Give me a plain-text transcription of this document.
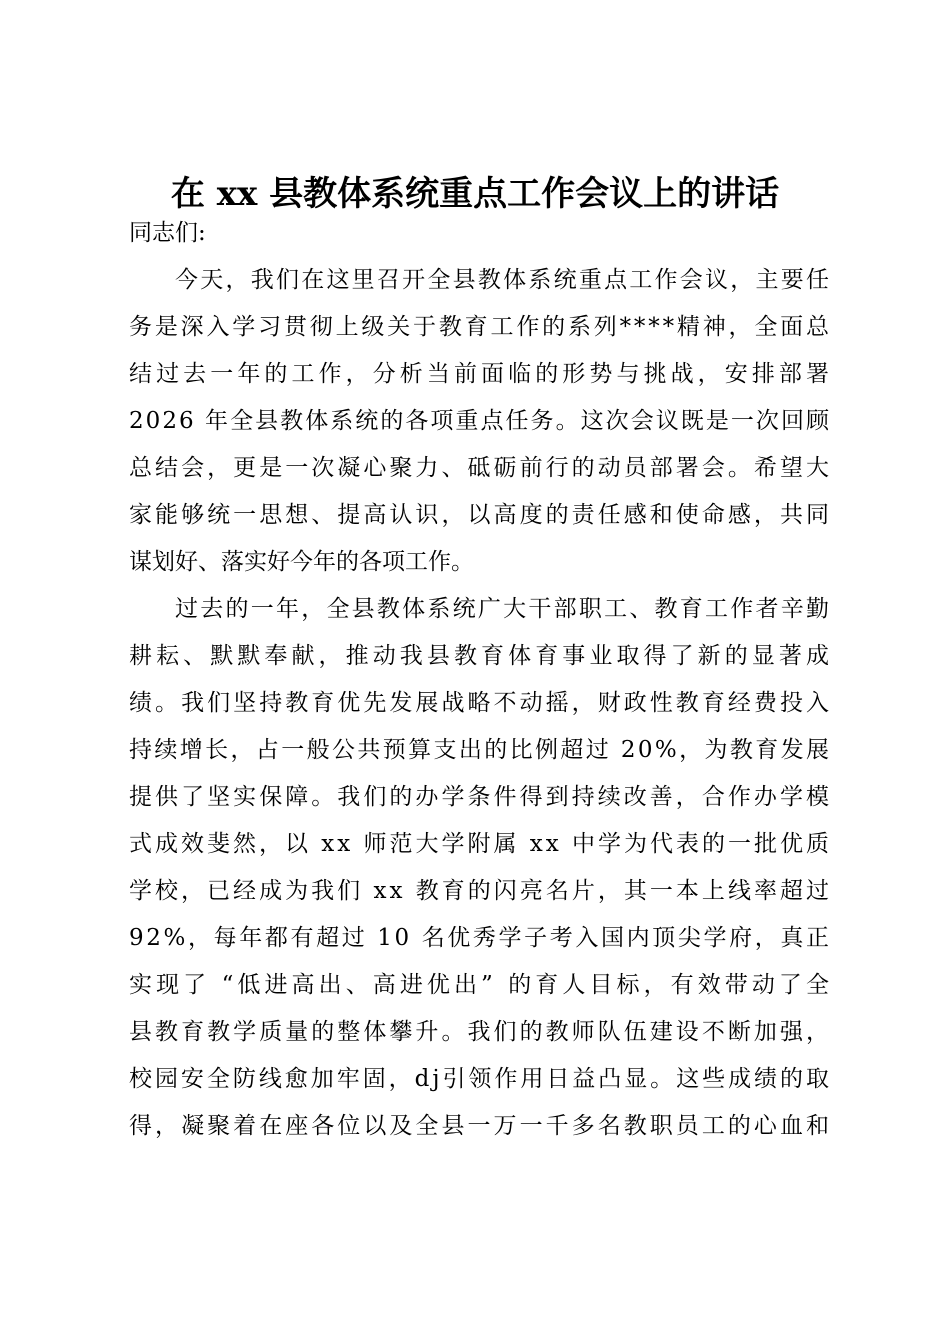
在 xx 县教体系统重点工作会议上的讲话
同志们:
今天，我们在这里召开全县教体系统重点工作会议，主要任
务是深入学习贯彻上级关于教育工作的系列****精神，全面总
结过去一年的工作，分析当前面临的形势与挑战，安排部署
2026 年全县教体系统的各项重点任务。这次会议既是一次回顾
总结会，更是一次凝心聚力、砥砺前行的动员部署会。希望大
家能够统一思想、提高认识，以高度的责任感和使命感，共同
谋划好、落实好今年的各项工作。
过去的一年，全县教体系统广大干部职工、教育工作者辛勤
耕耘、默默奉献，推动我县教育体育事业取得了新的显著成
绩。我们坚持教育优先发展战略不动摇，财政性教育经费投入
持续增长，占一般公共预算支出的比例超过 20%，为教育发展
提供了坚实保障。我们的办学条件得到持续改善，合作办学模
式成效斐然，以 xx 师范大学附属 xx 中学为代表的一批优质
学校，已经成为我们 xx 教育的闪亮名片，其一本上线率超过
92%，每年都有超过 10 名优秀学子考入国内顶尖学府，真正
实现了 “低进高出、高进优出” 的育人目标，有效带动了全
县教育教学质量的整体攀升。我们的教师队伍建设不断加强，
校园安全防线愈加牢固，dj引领作用日益凸显。这些成绩的取
得，凝聚着在座各位以及全县一万一千多名教职员工的心血和
